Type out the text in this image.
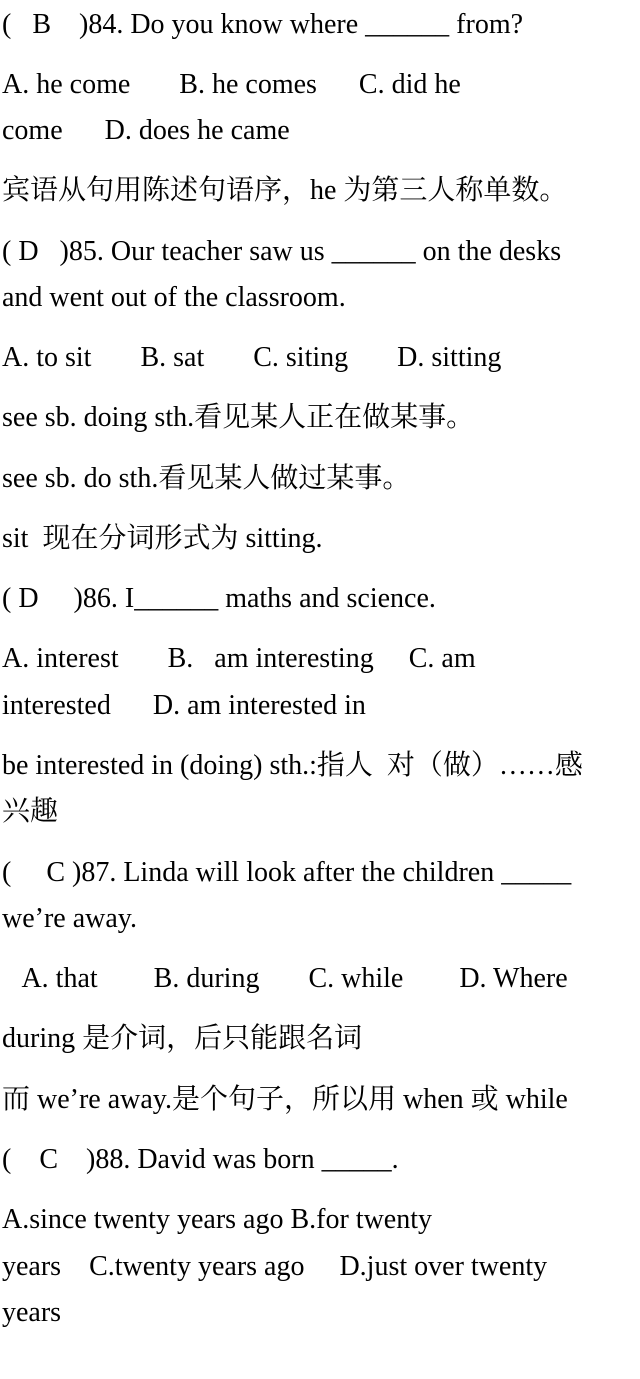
(   B    )84. Do you know where ______ from?
A. he come       B. he comes      C. did he
come      D. does he came
宾语从句用陈述句语序，he 为第三人称单数。
( D   )85. Our teacher saw us ______ on the desks
and went out of the classroom.
A. to sit       B. sat       C. siting       D. sitting
see sb. doing sth.看见某人正在做某事。
see sb. do sth.看见某人做过某事。
sit  现在分词形式为 sitting.
( D     )86. I______ maths and science.
A. interest       B.   am interesting     C. am
interested      D. am interested in
be interested in (doing) sth.:指人  对（做）……感
兴趣
(     C )87. Linda will look after the children _____
we’re away.
A. that        B. during       C. while        D. Where
during 是介词，后只能跟名词
而 we’re away.是个句子，所以用 when 或 while
(    C    )88. David was born _____.
A.since twenty years ago B.for twenty
years    C.twenty years ago     D.just over twenty
years
